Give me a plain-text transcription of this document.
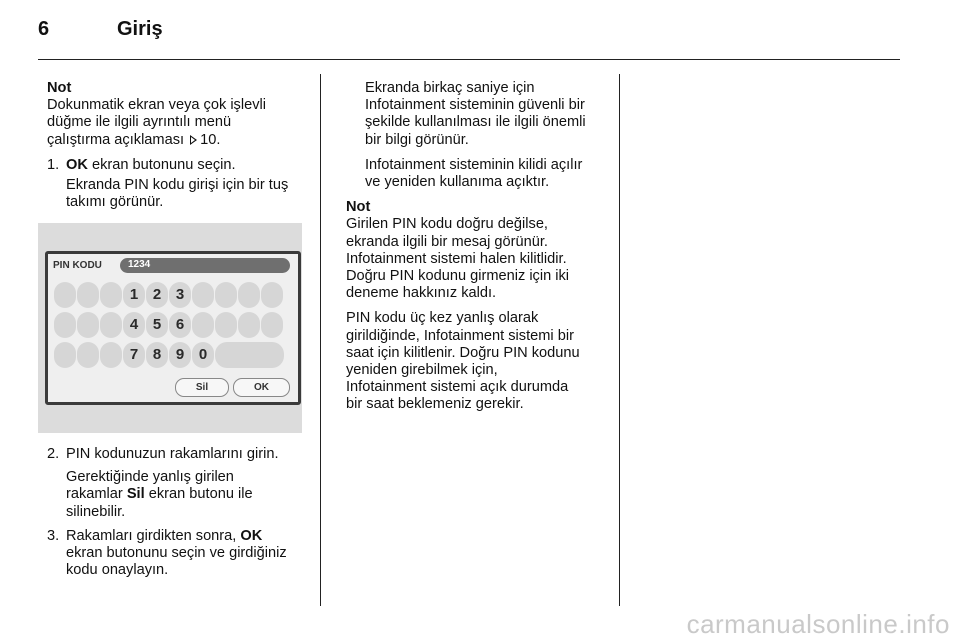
6	Giriş

Not

Dokunmatik ekran veya çok işlevli

düğme ile ilgili ayrıntılı menü

çalıştırma açıklaması 10.

1. OK ekran butonunu seçin.

Ekranda PIN kodu girişi için bir tuş

takımı görünür.

PIN KODU	1234
1 2 3
4 5 6
7 8 9 0
Sil	OK
2. PIN kodunuzun rakamlarını girin.

Gerektiğinde yanlış girilen

rakamlar Sil ekran butonu ile

silinebilir.

3. Rakamları girdikten sonra, OK

ekran butonunu seçin ve girdiğiniz

kodu onaylayın.

Ekranda birkaç saniye için

Infotainment sisteminin güvenli bir

şekilde kullanılması ile ilgili önemli

bir bilgi görünür.

Infotainment sisteminin kilidi açılır

ve yeniden kullanıma açıktır.

Not

Girilen PIN kodu doğru değilse,

ekranda ilgili bir mesaj görünür.

Infotainment sistemi halen kilitlidir.

Doğru PIN kodunu girmeniz için iki

deneme hakkınız kaldı.

PIN kodu üç kez yanlış olarak

girildiğinde, Infotainment sistemi bir

saat için kilitlenir. Doğru PIN kodunu

yeniden girebilmek için,

Infotainment sistemi açık durumda

bir saat beklemeniz gerekir.

carmanualsonline.info
